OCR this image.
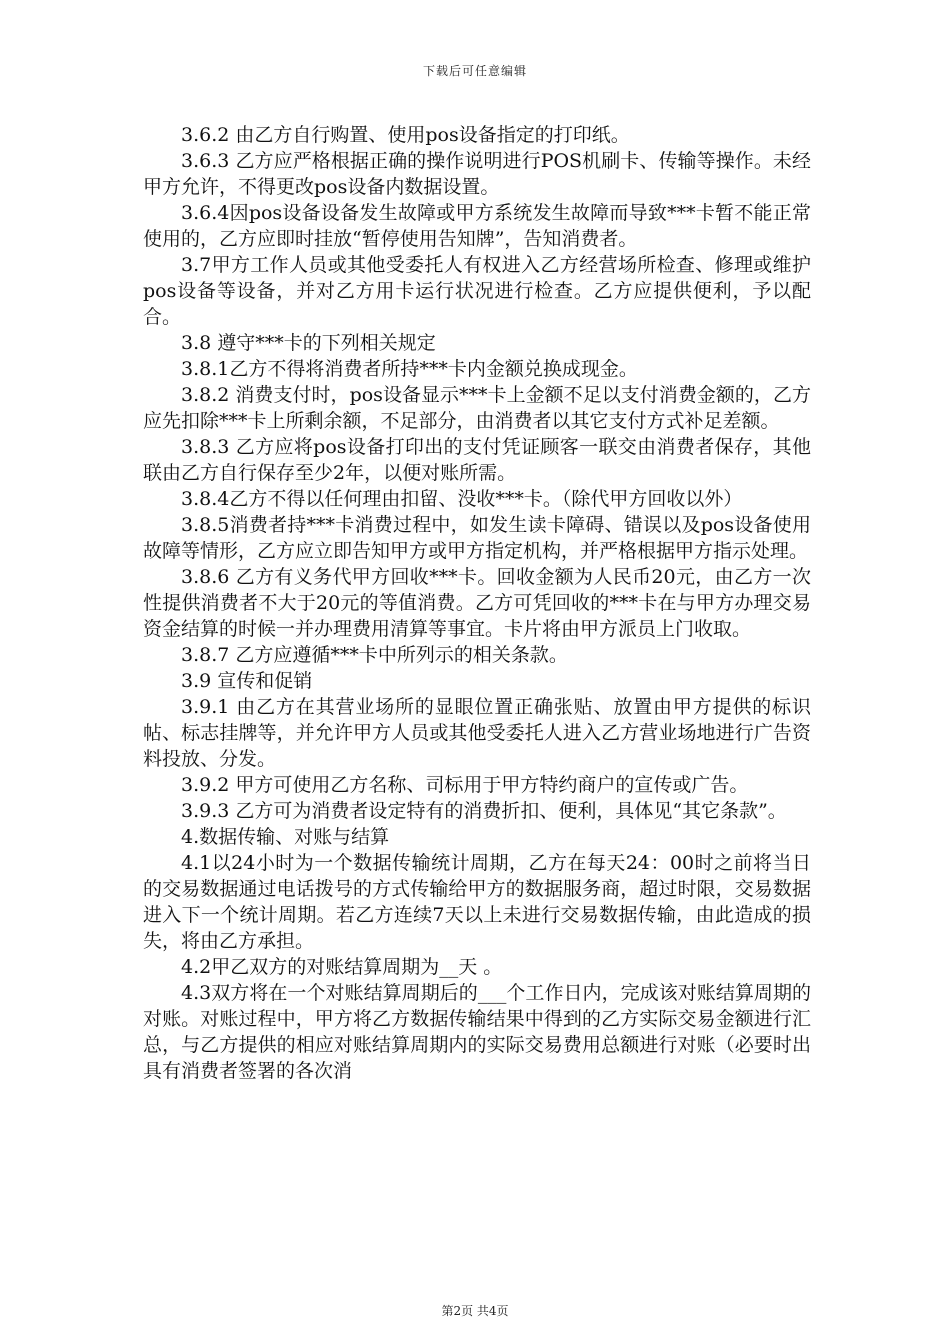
下载后可任意编辑

3.6.2 由乙方自行购置、使用pos设备指定的打印纸。

3.6.3 乙方应严格根据正确的操作说明进行POS机刷卡、传输等操作。未经甲方允许，不得更改pos设备内数据设置。

3.6.4因pos设备设备发生故障或甲方系统发生故障而导致***卡暂不能正常使用的，乙方应即时挂放“暂停使用告知牌”，告知消费者。

3.7甲方工作人员或其他受委托人有权进入乙方经营场所检查、修理或维护pos设备等设备，并对乙方用卡运行状况进行检查。乙方应提供便利，予以配合。

3.8 遵守***卡的下列相关规定

3.8.1乙方不得将消费者所持***卡内金额兑换成现金。

3.8.2 消费支付时，pos设备显示***卡上金额不足以支付消费金额的，乙方应先扣除***卡上所剩余额，不足部分，由消费者以其它支付方式补足差额。

3.8.3 乙方应将pos设备打印出的支付凭证顾客一联交由消费者保存，其他联由乙方自行保存至少2年，以便对账所需。

3.8.4乙方不得以任何理由扣留、没收***卡。（除代甲方回收以外）

3.8.5消费者持***卡消费过程中，如发生读卡障碍、错误以及pos设备使用故障等情形，乙方应立即告知甲方或甲方指定机构，并严格根据甲方指示处理。

3.8.6 乙方有义务代甲方回收***卡。回收金额为人民币20元，由乙方一次性提供消费者不大于20元的等值消费。乙方可凭回收的***卡在与甲方办理交易资金结算的时候一并办理费用清算等事宜。卡片将由甲方派员上门收取。

3.8.7 乙方应遵循***卡中所列示的相关条款。

3.9 宣传和促销

3.9.1 由乙方在其营业场所的显眼位置正确张贴、放置由甲方提供的标识帖、标志挂牌等，并允许甲方人员或其他受委托人进入乙方营业场地进行广告资料投放、分发。

3.9.2 甲方可使用乙方名称、司标用于甲方特约商户的宣传或广告。

3.9.3 乙方可为消费者设定特有的消费折扣、便利，具体见“其它条款”。

4.数据传输、对账与结算

4.1以24小时为一个数据传输统计周期，乙方在每天24：00时之前将当日的交易数据通过电话拨号的方式传输给甲方的数据服务商，超过时限，交易数据进入下一个统计周期。若乙方连续7天以上未进行交易数据传输，由此造成的损失，将由乙方承担。

4.2甲乙双方的对账结算周期为__天 。

4.3双方将在一个对账结算周期后的___个工作日内，完成该对账结算周期的对账。对账过程中，甲方将乙方数据传输结果中得到的乙方实际交易金额进行汇总，与乙方提供的相应对账结算周期内的实际交易费用总额进行对账（必要时出具有消费者签署的各次消

第2页 共4页
